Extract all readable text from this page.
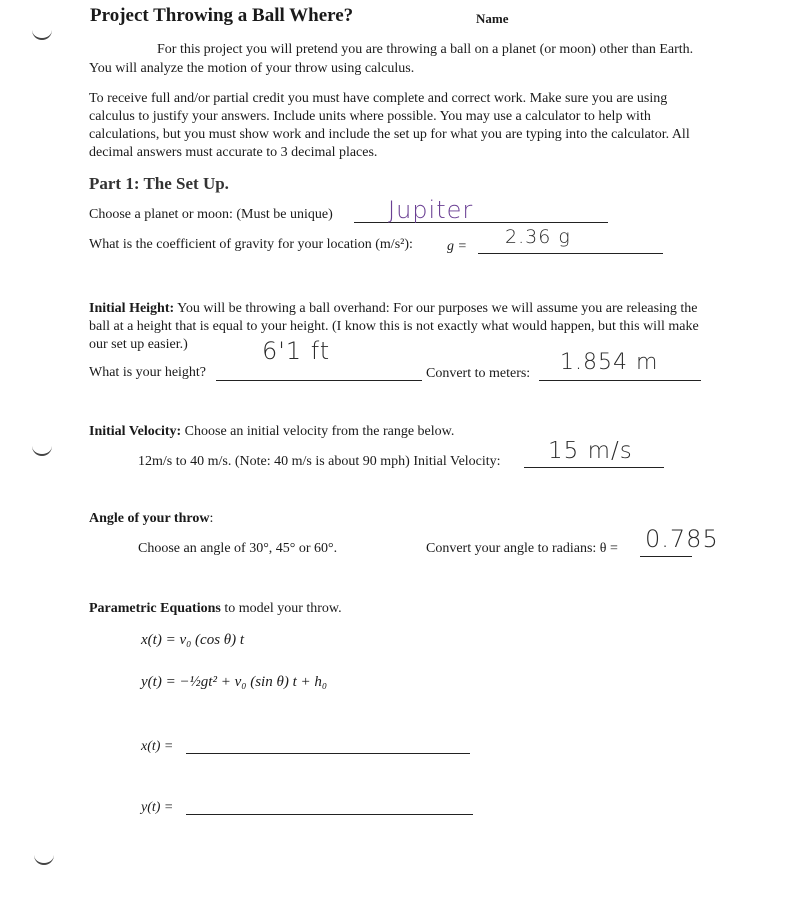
Project Throwing a Ball Where?	Name
For this project you will pretend you are throwing a ball on a planet (or moon) other than Earth.
You will analyze the motion of your throw using calculus.
To receive full and/or partial credit you must have complete and correct work. Make sure you are using
calculus to justify your answers. Include units where possible. You may use a calculator to help with
calculations, but you must show work and include the set up for what you are typing into the calculator. All
decimal answers must accurate to 3 decimal places.
Part 1: The Set Up.
Choose a planet or moon: (Must be unique) Jupiter
What is the coefficient of gravity for your location (m/s²): g = 2.36 g
Initial Height: You will be throwing a ball overhand: For our purposes we will assume you are releasing the
ball at a height that is equal to your height. (I know this is not exactly what would happen, but this will make
our set up easier.)
What is your height?
6'1 ft
Convert to meters: 1.854 m
Initial Velocity: Choose an initial velocity from the range below.
12m/s to 40 m/s. (Note: 40 m/s is about 90 mph) Initial Velocity: 15 m/s
Angle of your throw:
Choose an angle of 30°, 45° or 60°.	Convert your angle to radians: θ = 0.785
Parametric Equations to model your throw.
x(t) = v₀ (cos θ) t
y(t) = −½gt² + v₀ (sin θ) t + h₀
x(t) =
y(t) =
